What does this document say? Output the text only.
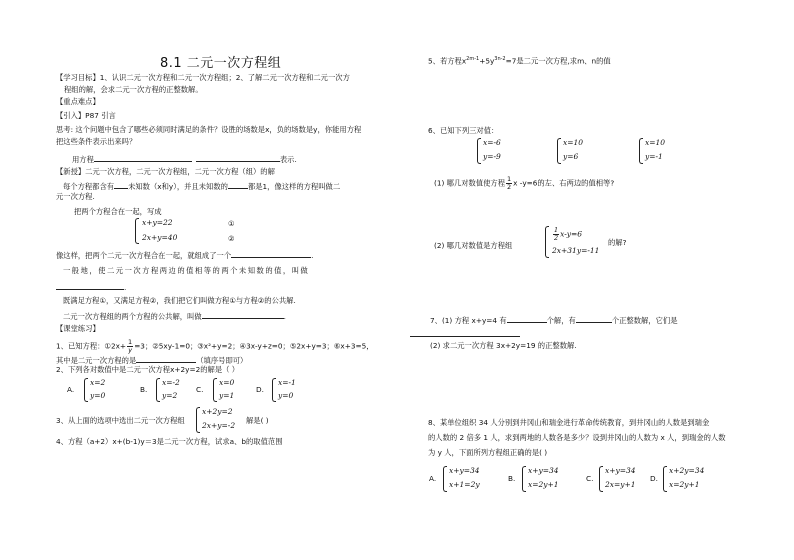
8.1 二元一次方程组
【学习目标】1、认识二元一次方程和二元一次方程组；2、了解二元一次方程和二元一次方
程组的解，会求二元一次方程的正整数解。
【重点难点】
【引入】P87 引言
思考: 这个问题中包含了哪些必须同时满足的条件？设胜的场数是x，负的场数是y，你能用方程
把这些条件表示出来吗？
用方程	表示.
【新授】二元一次方程，二元一次方程组，二元一次方程（组）的解
每个方程都含有 未知数（x和y），并且未知数的	都是1，像这样的方程叫做二
元一次方程.
把两个方程合在一起，写成
x+y=22
2x+y=40
①
②
像这样，把两个二元一次方程合在一起，就组成了一个	.
一般地，使二元一次方程两边的值相等的两个未知数的值，叫做
.
既满足方程①，又满足方程②，我们把它们叫做方程①与方程②的公共解.
二元一次方程组的两个方程的公共解，叫做	.
【课堂练习】
1、已知方程：①2x+ $\frac{1}{y} =3$；②5xy-1=0；③x²+y=2；④3x-y+z=0；⑤2x+y=3；⑥x+3=5，
其中是二元一次方程的是	（填序号即可）
2、下列各对数值中是二元一次方程x+2y=2的解是（ ）
A.
x=2
y=0
B.
x=-2
y=2
C.
x=0
y=1
D.
x=-1
y=0
3、从上面的选项中选出二元一次方程组
x+2y=2
2x+y=-2
解是( )
4、方程（a+2）x+(b-1)y＝3是二元一次方程，试求a、b的取值范围
5、若方程$x^{2m-1}+5y^{3n-2}=7$是二元一次方程,求m、n的值
6、已知下列三对值：
x=-6
y=-9
x=10
y=6
x=10
y=-1
(1) 哪几对数值使方程 $\frac{1}{2}$ x -y=6的左、右两边的值相等?
(2) 哪几对数值是方程组
$\frac{1}{2} x-y=6$
2x+31y=-11
的解?
7、(1) 方程 x+y=4 有	个解，有	个正整数解，它们是
(2) 求二元一次方程 3x+2y=19 的正整数解.
8、某单位组织 34 人分别到井冈山和瑞金进行革命传统教育，到井冈山的人数是到瑞金
的人数的 2 倍多 1 人，求到两地的人数各是多少？设到井冈山的人数为 x 人，到瑞金的人数
为 y 人，下面所列方程组正确的是( )
A.
x+y=34
x+1=2y
B.
x+y=34
x=2y+1
C.
x+y=34
2x=y+1
D.
x+2y=34
x=2y+1
